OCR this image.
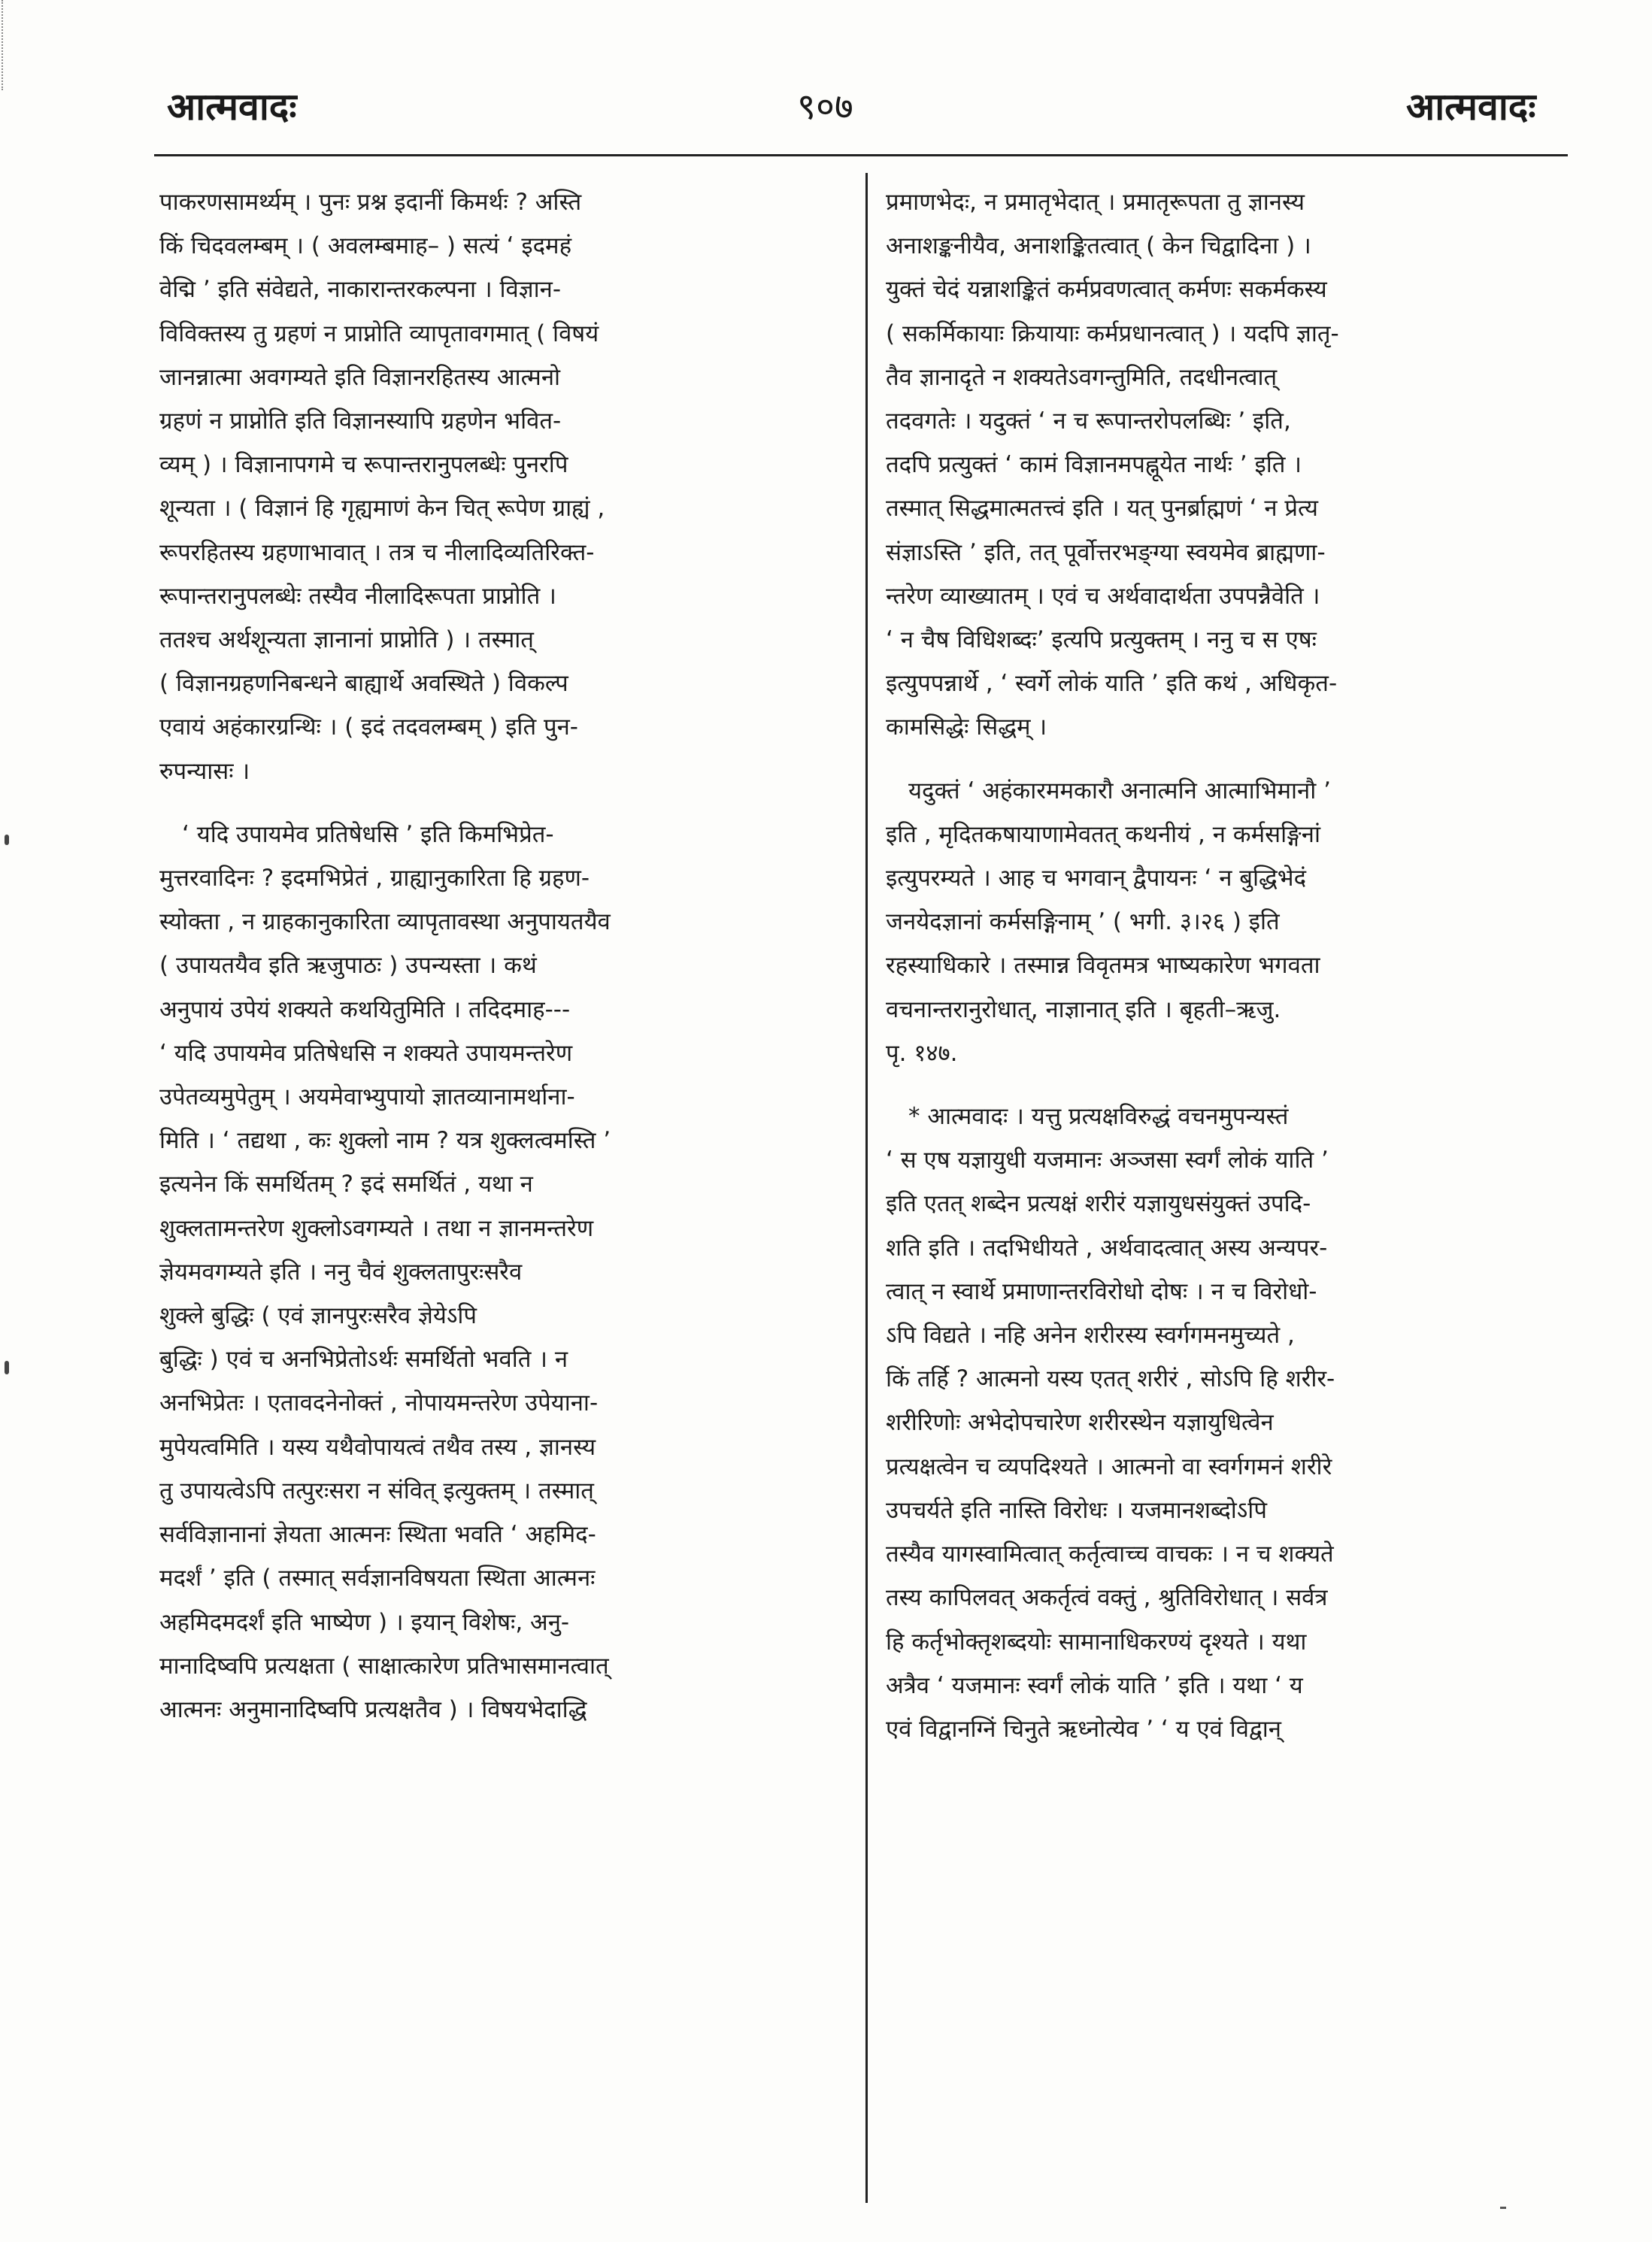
आत्मवादः	९०७	आत्मवादः

पाकरणसामर्थ्यम् । पुनः प्रश्न इदानीं किमर्थः ? अस्ति

किं चिदवलम्बम् । ( अवलम्बमाह– ) सत्यं ‘ इदमहं

वेद्मि ’ इति संवेद्यते, नाकारान्तरकल्पना । विज्ञान-

विविक्तस्य तु ग्रहणं न प्राप्नोति व्यापृतावगमात् ( विषयं

जानन्नात्मा अवगम्यते इति विज्ञानरहितस्य आत्मनो

ग्रहणं न प्राप्नोति इति विज्ञानस्यापि ग्रहणेन भवित-

व्यम् ) । विज्ञानापगमे च रूपान्तरानुपलब्धेः पुनरपि

शून्यता । ( विज्ञानं हि गृह्यमाणं केन चित् रूपेण ग्राह्यं ,

रूपरहितस्य ग्रहणाभावात् । तत्र च नीलादिव्यतिरिक्त-

रूपान्तरानुपलब्धेः तस्यैव नीलादिरूपता प्राप्नोति ।

ततश्च अर्थशून्यता ज्ञानानां प्राप्नोति ) । तस्मात्

( विज्ञानग्रहणनिबन्धने बाह्यार्थे अवस्थिते ) विकल्प

एवायं अहंकारग्रन्थिः । ( इदं तदवलम्बम् ) इति पुन-

रुपन्यासः ।

‘ यदि उपायमेव प्रतिषेधसि ’ इति किमभिप्रेत-

मुत्तरवादिनः ? इदमभिप्रेतं , ग्राह्यानुकारिता हि ग्रहण-

स्योक्ता , न ग्राहकानुकारिता व्यापृतावस्था अनुपायतयैव

( उपायतयैव इति ऋजुपाठः ) उपन्यस्ता । कथं

अनुपायं उपेयं शक्यते कथयितुमिति । तदिदमाह---

‘ यदि उपायमेव प्रतिषेधसि न शक्यते उपायमन्तरेण

उपेतव्यमुपेतुम् । अयमेवाभ्युपायो ज्ञातव्यानामर्थाना-

मिति । ‘ तद्यथा , कः शुक्लो नाम ? यत्र शुक्लत्वमस्ति ’

इत्यनेन किं समर्थितम् ? इदं समर्थितं , यथा न

शुक्लतामन्तरेण शुक्लोऽवगम्यते । तथा न ज्ञानमन्तरेण

ज्ञेयमवगम्यते इति । ननु चैवं शुक्लतापुरःसरैव

शुक्ले बुद्धिः ( एवं ज्ञानपुरःसरैव ज्ञेयेऽपि

बुद्धिः ) एवं च अनभिप्रेतोऽर्थः समर्थितो भवति । न

अनभिप्रेतः । एतावदनेनोक्तं , नोपायमन्तरेण उपेयाना-

मुपेयत्वमिति । यस्य यथैवोपायत्वं तथैव तस्य , ज्ञानस्य

तु उपायत्वेऽपि तत्पुरःसरा न संवित् इत्युक्तम् । तस्मात्

सर्वविज्ञानानां ज्ञेयता आत्मनः स्थिता भवति ‘ अहमिद-

मदर्शं ’ इति ( तस्मात् सर्वज्ञानविषयता स्थिता आत्मनः

अहमिदमदर्शं इति भाष्येण ) । इयान् विशेषः, अनु-

मानादिष्वपि प्रत्यक्षता ( साक्षात्कारेण प्रतिभासमानत्वात्

आत्मनः अनुमानादिष्वपि प्रत्यक्षतैव ) । विषयभेदाद्धि

प्रमाणभेदः, न प्रमातृभेदात् । प्रमातृरूपता तु ज्ञानस्य

अनाशङ्कनीयैव, अनाशङ्कितत्वात् ( केन चिद्वादिना ) ।

युक्तं चेदं यन्नाशङ्कितं कर्मप्रवणत्वात् कर्मणः सकर्मकस्य

( सकर्मिकायाः क्रियायाः कर्मप्रधानत्वात् ) । यदपि ज्ञातृ-

तैव ज्ञानादृते न शक्यतेऽवगन्तुमिति, तदधीनत्वात्

तदवगतेः । यदुक्तं ‘ न च रूपान्तरोपलब्धिः ’ इति,

तदपि प्रत्युक्तं ‘ कामं विज्ञानमपह्नूयेत नार्थः ’ इति ।

तस्मात् सिद्धमात्मतत्त्वं इति । यत् पुनर्ब्राह्मणं ‘ न प्रेत्य

संज्ञाऽस्ति ’ इति, तत् पूर्वोत्तरभङ्ग्या स्वयमेव ब्राह्मणा-

न्तरेण व्याख्यातम् । एवं च अर्थवादार्थता उपपन्नैवेति ।

‘ न चैष विधिशब्दः’ इत्यपि प्रत्युक्तम् । ननु च स एषः

इत्युपपन्नार्थे , ‘ स्वर्गे लोकं याति ’ इति कथं , अधिकृत-

कामसिद्धेः सिद्धम् ।

यदुक्तं ‘ अहंकारममकारौ अनात्मनि आत्माभिमानौ ’

इति , मृदितकषायाणामेवतत् कथनीयं , न कर्मसङ्गिनां

इत्युपरम्यते । आह च भगवान् द्वैपायनः ‘ न बुद्धिभेदं

जनयेदज्ञानां कर्मसङ्गिनाम् ’ ( भगी. ३।२६ ) इति

रहस्याधिकारे । तस्मान्न विवृतमत्र भाष्यकारेण भगवता

वचनान्तरानुरोधात्, नाज्ञानात् इति । बृहती–ऋजु.

पृ. १४७.

* आत्मवादः । यत्तु प्रत्यक्षविरुद्धं वचनमुपन्यस्तं

‘ स एष यज्ञायुधी यजमानः अञ्जसा स्वर्गं लोकं याति ’

इति एतत् शब्देन प्रत्यक्षं शरीरं यज्ञायुधसंयुक्तं उपदि-

शति इति । तदभिधीयते , अर्थवादत्वात् अस्य अन्यपर-

त्वात् न स्वार्थे प्रमाणान्तरविरोधो दोषः । न च विरोधो-

ऽपि विद्यते । नहि अनेन शरीरस्य स्वर्गगमनमुच्यते ,

किं तर्हि ? आत्मनो यस्य एतत् शरीरं , सोऽपि हि शरीर-

शरीरिणोः अभेदोपचारेण शरीरस्थेन यज्ञायुधित्वेन

प्रत्यक्षत्वेन च व्यपदिश्यते । आत्मनो वा स्वर्गगमनं शरीरे

उपचर्यते इति नास्ति विरोधः । यजमानशब्दोऽपि

तस्यैव यागस्वामित्वात् कर्तृत्वाच्च वाचकः । न च शक्यते

तस्य कापिलवत् अकर्तृत्वं वक्तुं , श्रुतिविरोधात् । सर्वत्र

हि कर्तृभोक्तृशब्दयोः सामानाधिकरण्यं दृश्यते । यथा

अत्रैव ‘ यजमानः स्वर्गं लोकं याति ’ इति । यथा ‘ य

एवं विद्वानग्निं चिनुते ऋध्नोत्येव ’ ‘ य एवं विद्वान्
